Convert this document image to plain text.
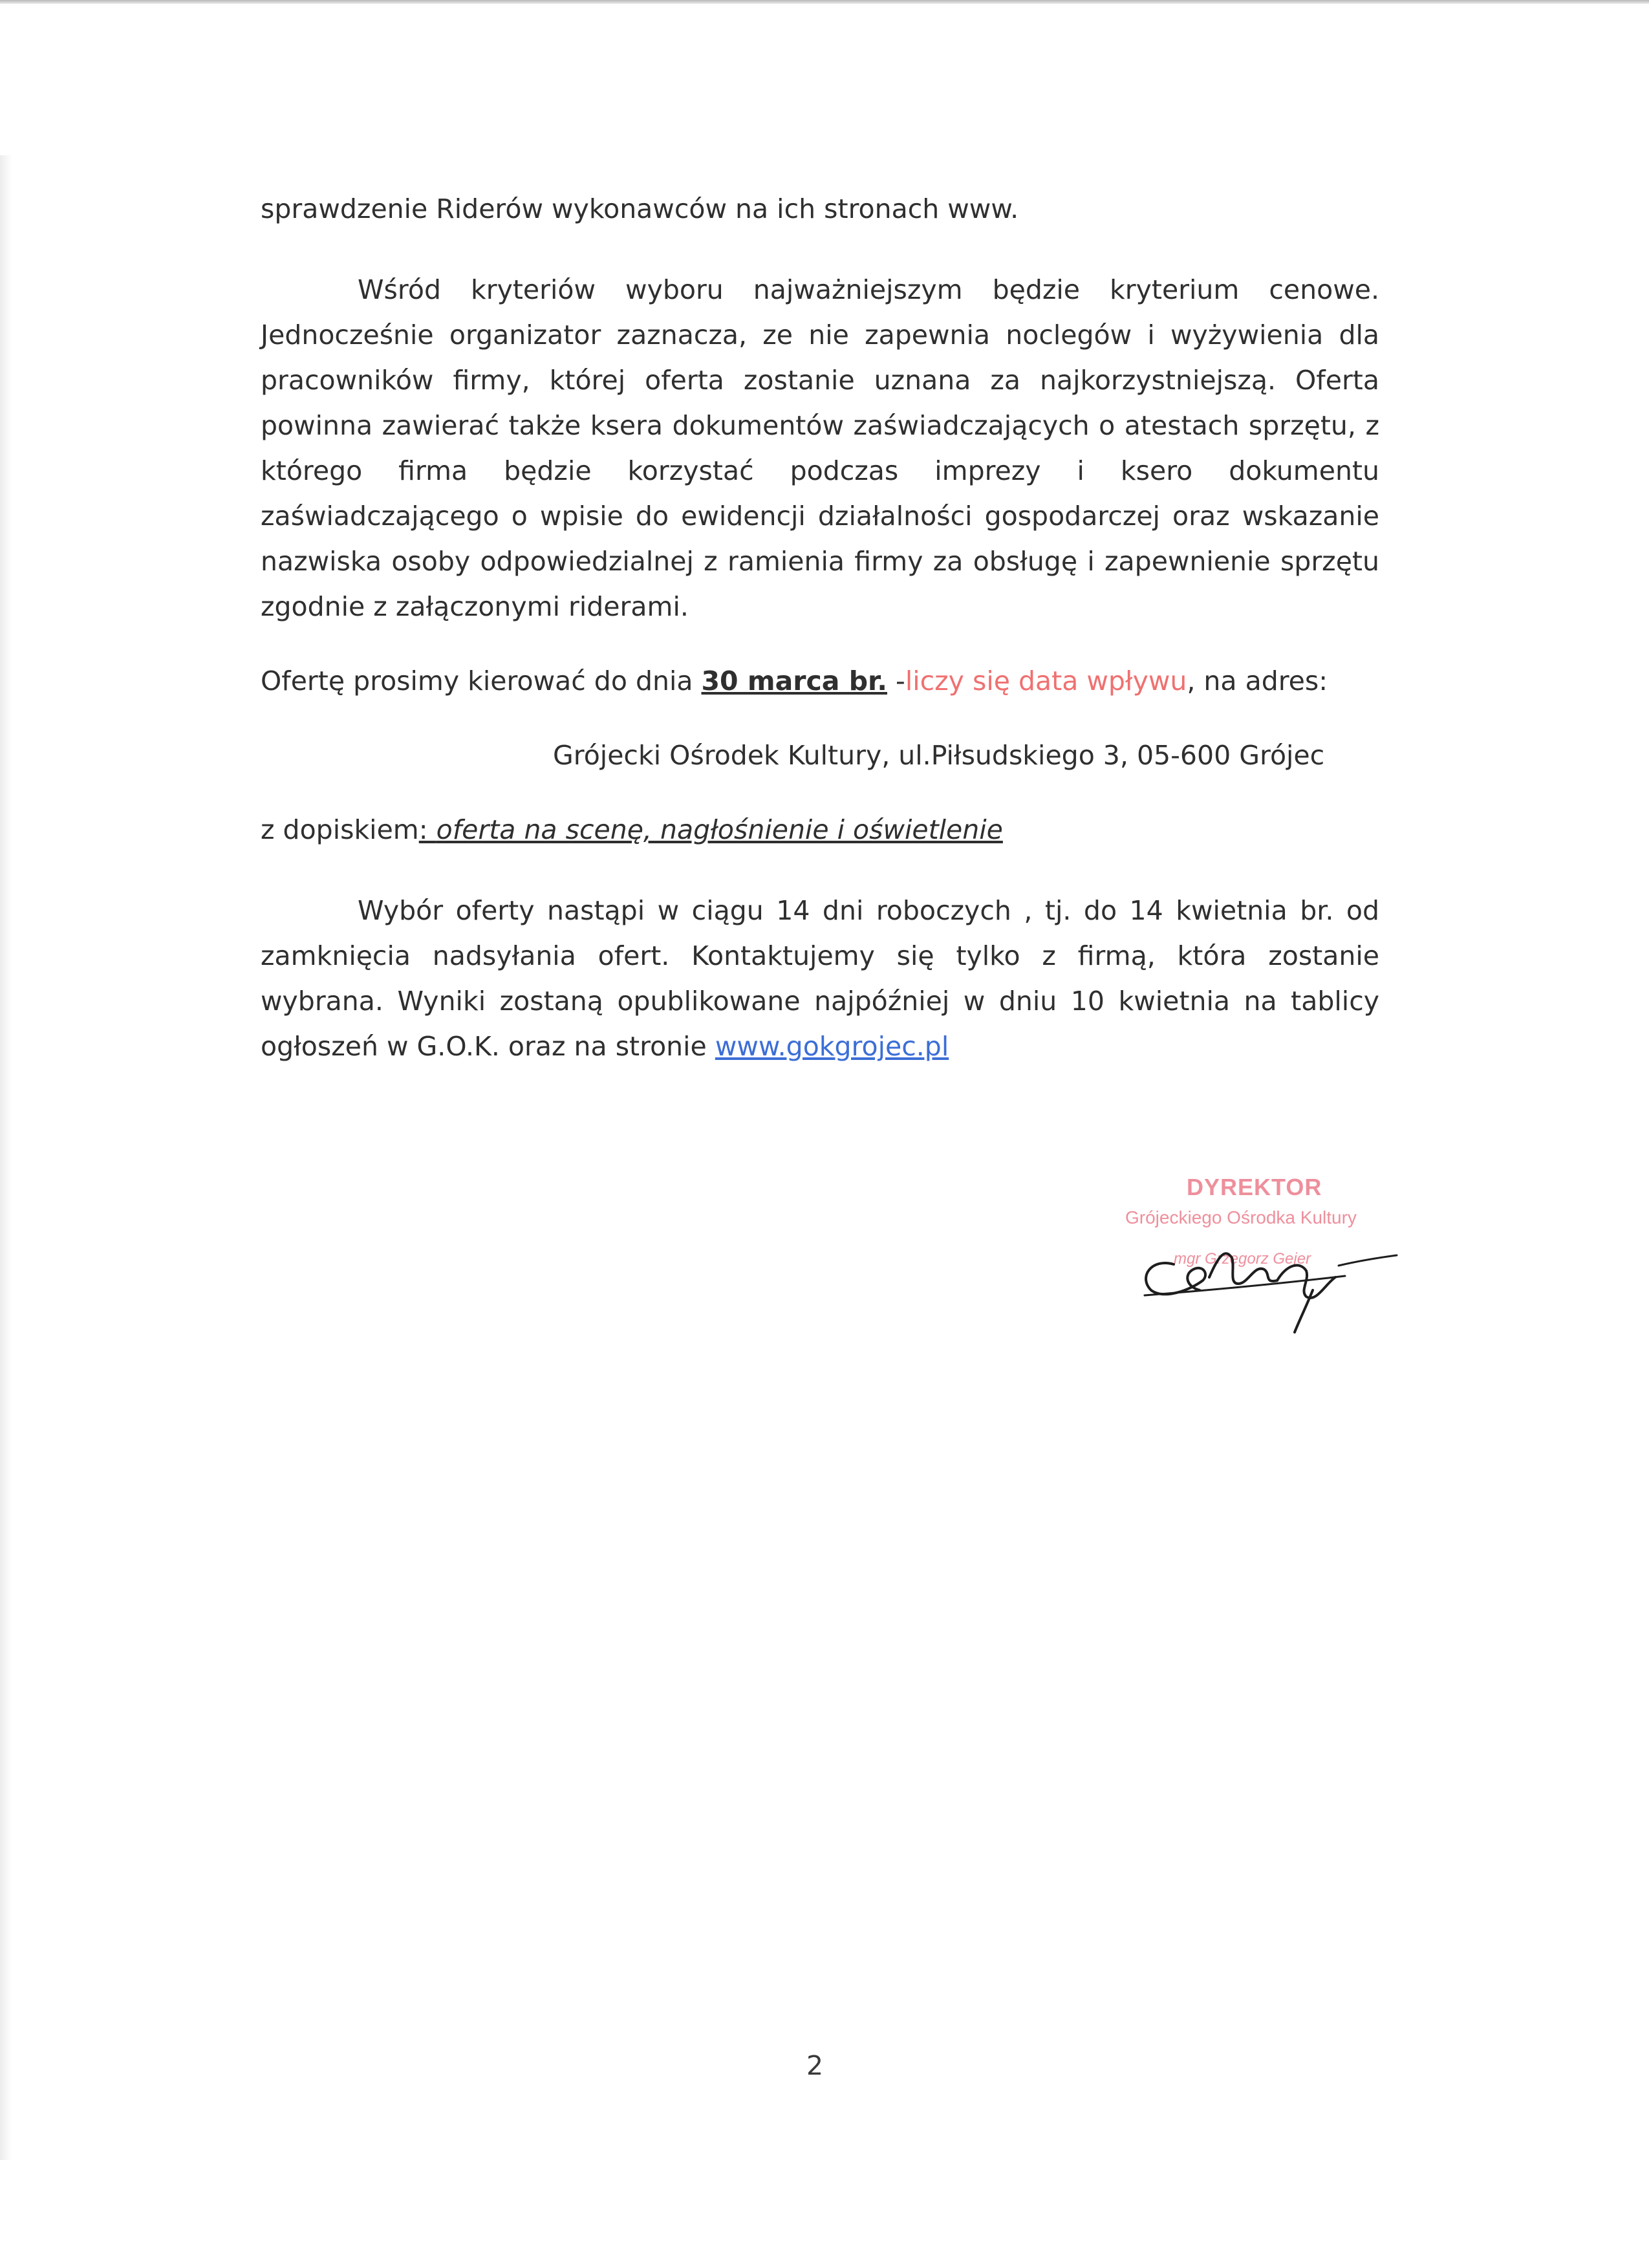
sprawdzenie Riderów wykonawców na ich stronach www.

Wśród kryteriów wyboru najważniejszym będzie kryterium cenowe. Jednocześnie organizator zaznacza, ze nie zapewnia noclegów i wyżywienia dla pracowników firmy, której oferta zostanie uznana za najkorzystniejszą. Oferta powinna zawierać także ksera dokumentów zaświadczających o atestach sprzętu, z którego firma będzie korzystać podczas imprezy i ksero dokumentu zaświadczającego o wpisie do ewidencji działalności gospodarczej oraz wskazanie nazwiska osoby odpowiedzialnej z ramienia firmy za obsługę i zapewnienie sprzętu zgodnie z załączonymi riderami.

Ofertę prosimy kierować do dnia 30 marca br. -liczy się data wpływu, na adres:

Grójecki Ośrodek Kultury, ul.Piłsudskiego 3, 05-600 Grójec

z dopiskiem: oferta na scenę, nagłośnienie i oświetlenie

Wybór oferty nastąpi w ciągu 14 dni roboczych , tj. do 14 kwietnia br. od zamknięcia nadsyłania ofert. Kontaktujemy się tylko z firmą, która zostanie wybrana. Wyniki zostaną opublikowane najpóźniej w dniu 10 kwietnia na tablicy ogłoszeń w G.O.K. oraz na stronie www.gokgrojec.pl

DYREKTOR
Grójeckiego Ośrodka Kultury
mgr Grzegorz Gejer
2
